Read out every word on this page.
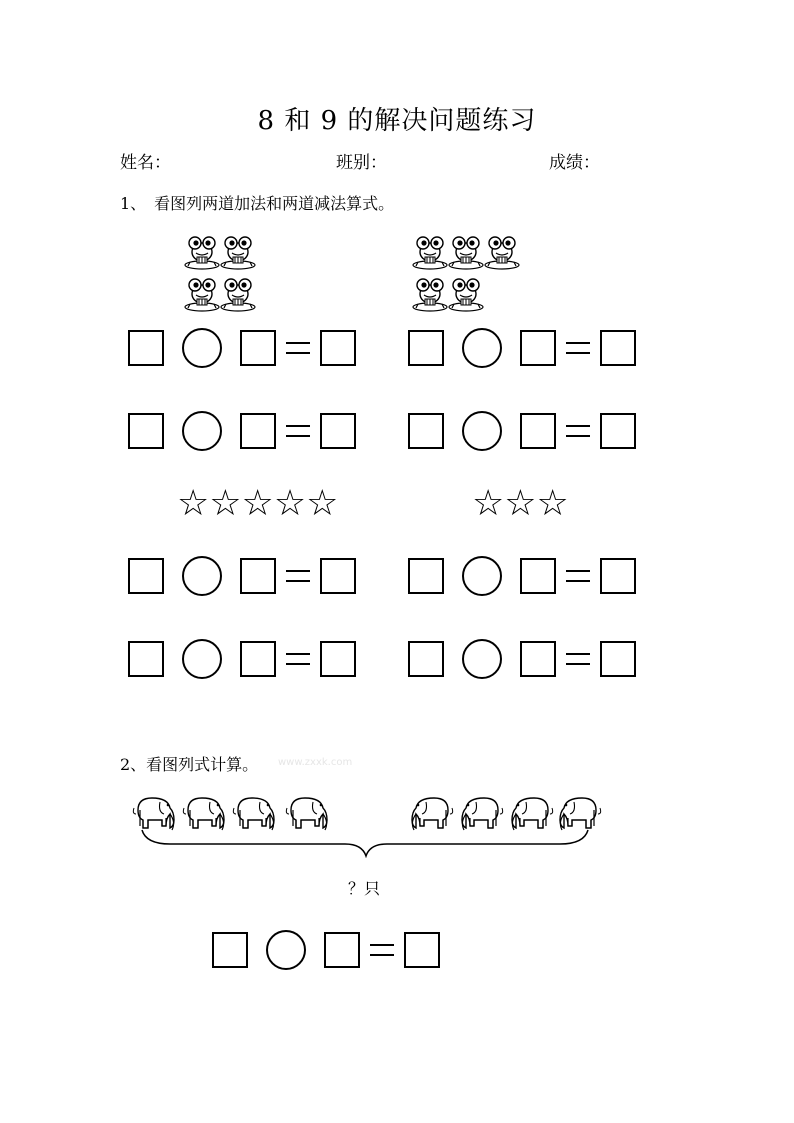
8 和 9 的解决问题练习
姓名：	班别：	成绩：
1、　看图列两道加法和两道减法算式。
☆☆☆☆☆	☆☆☆
2、看图列式计算。 www.zxxk.com
？只
